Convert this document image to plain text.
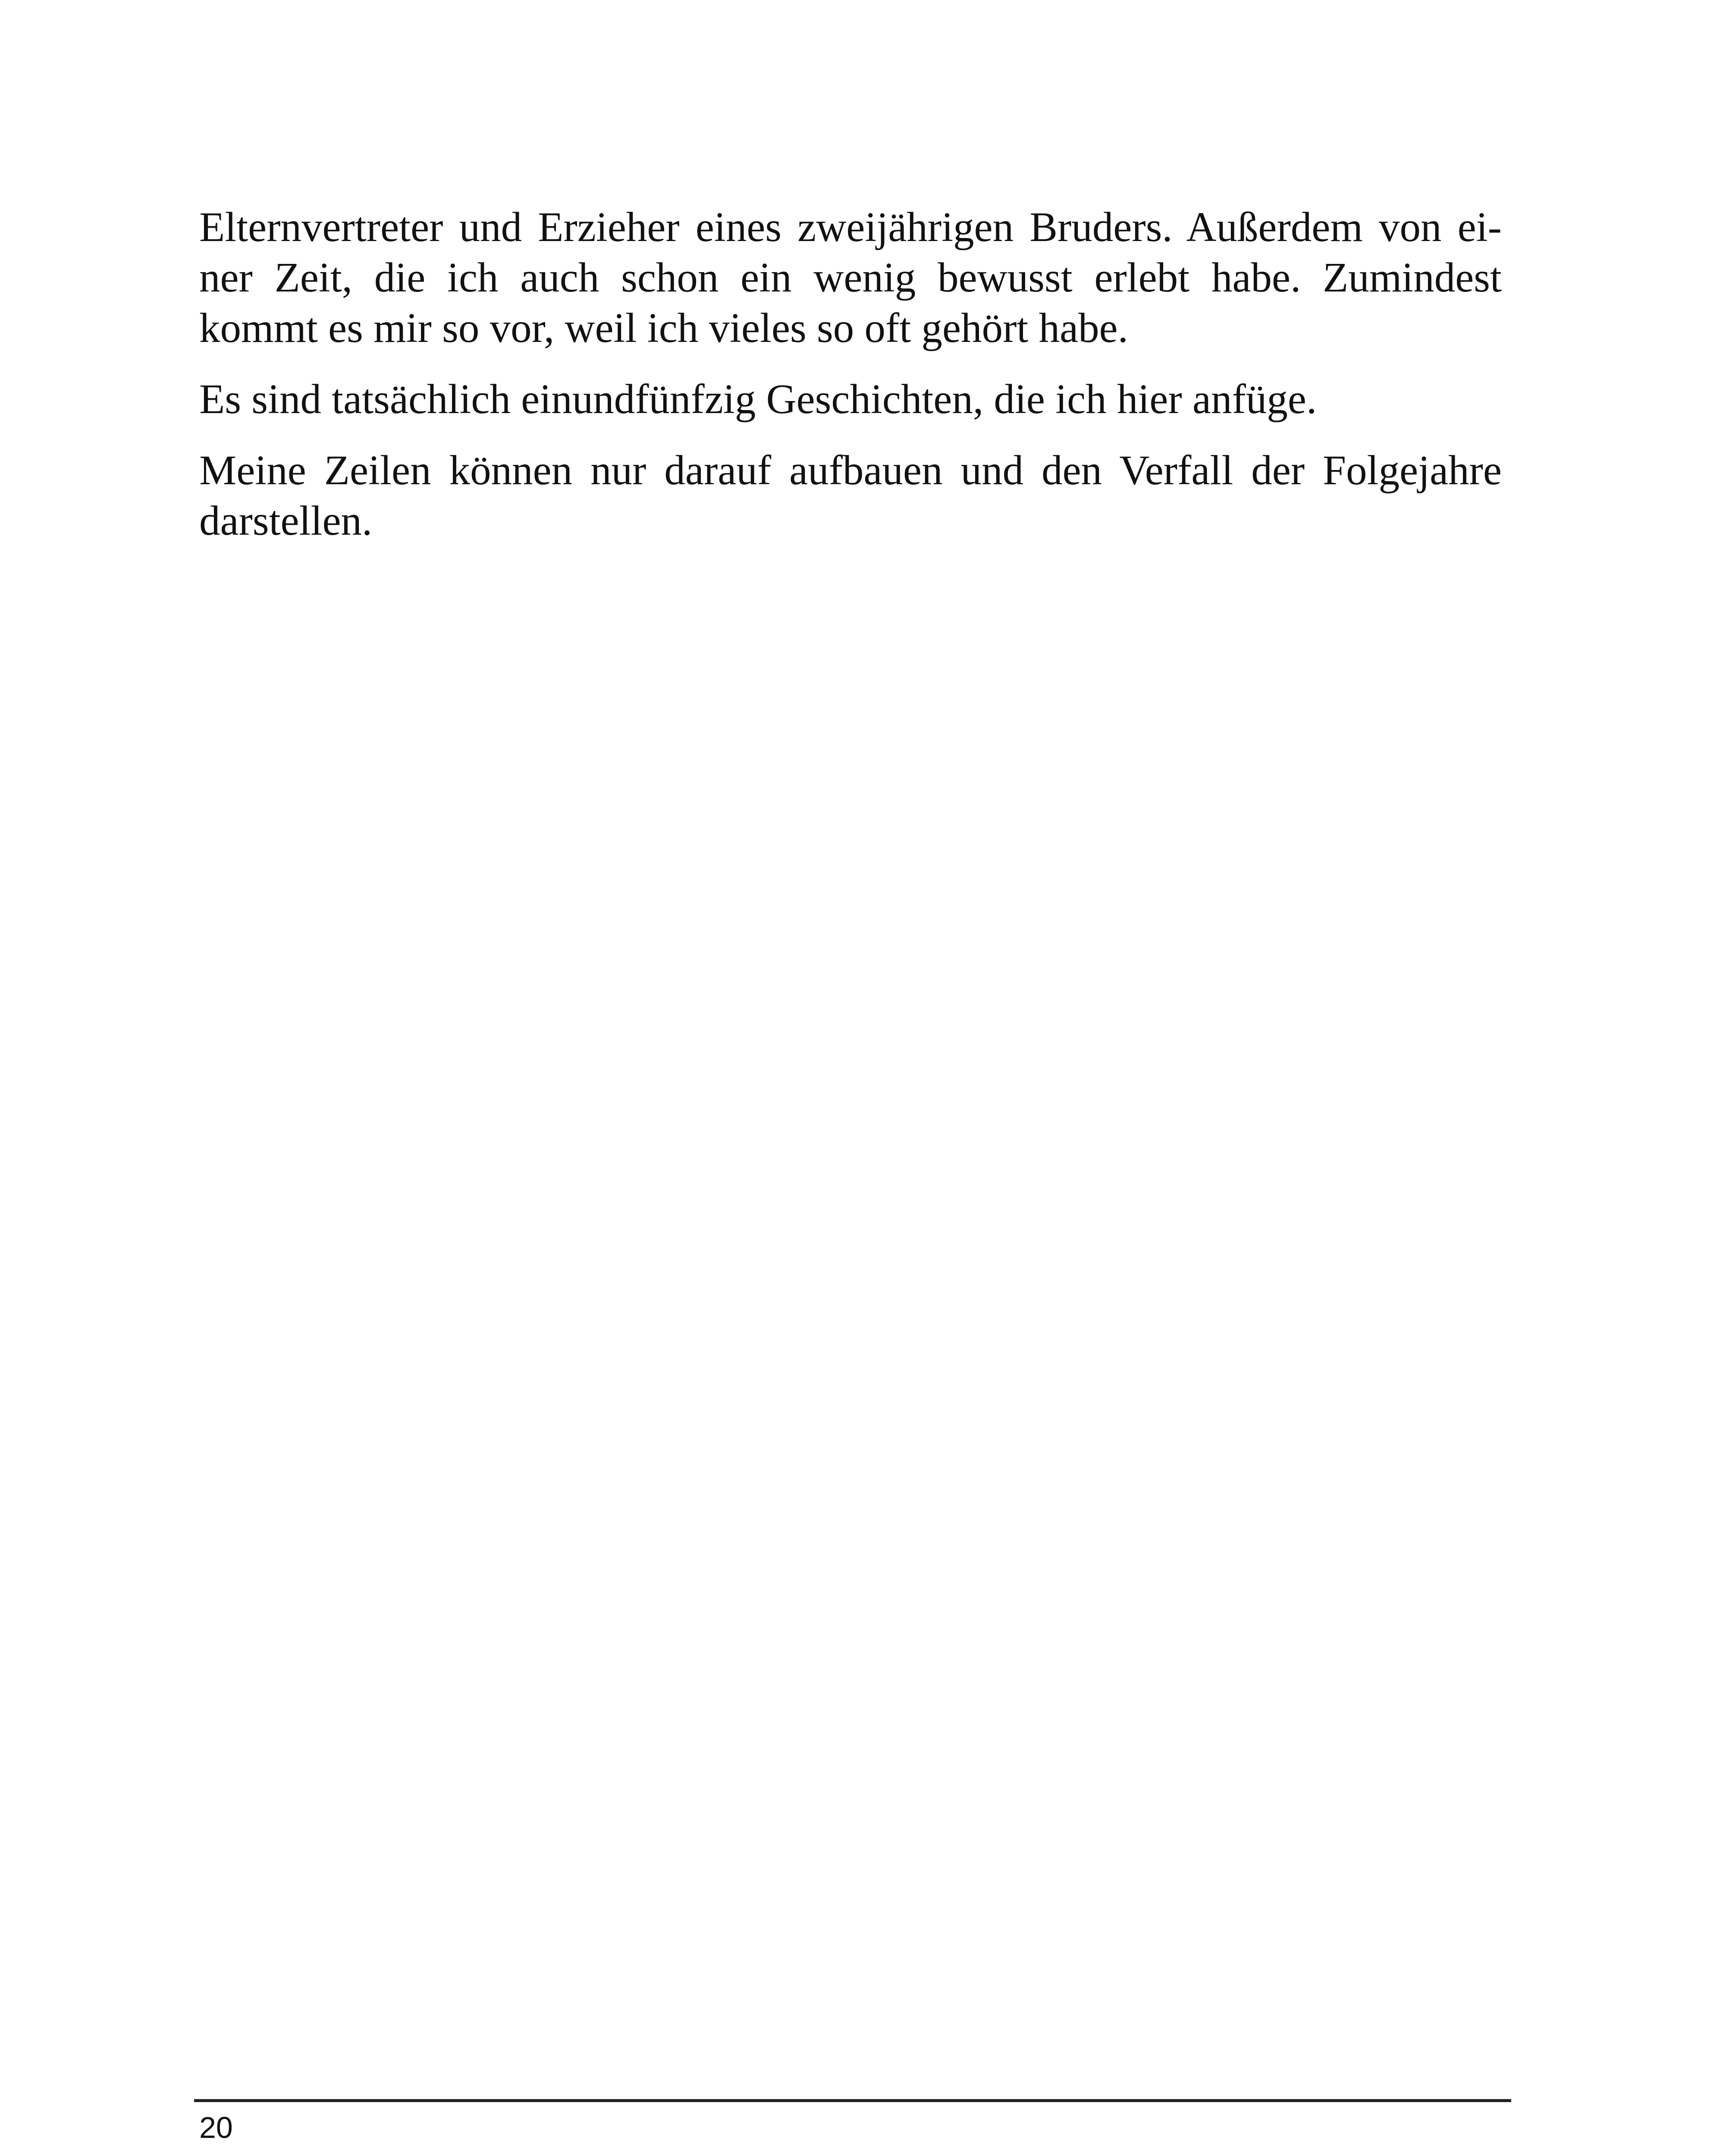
Elternvertreter und Erzieher eines zweijährigen Bruders. Außerdem von ei-
ner Zeit, die ich auch schon ein wenig bewusst erlebt habe. Zumindest
kommt es mir so vor, weil ich vieles so oft gehört habe.

Es sind tatsächlich einundfünfzig Geschichten, die ich hier anfüge.

Meine Zeilen können nur darauf aufbauen und den Verfall der Folgejahre
darstellen.

20
